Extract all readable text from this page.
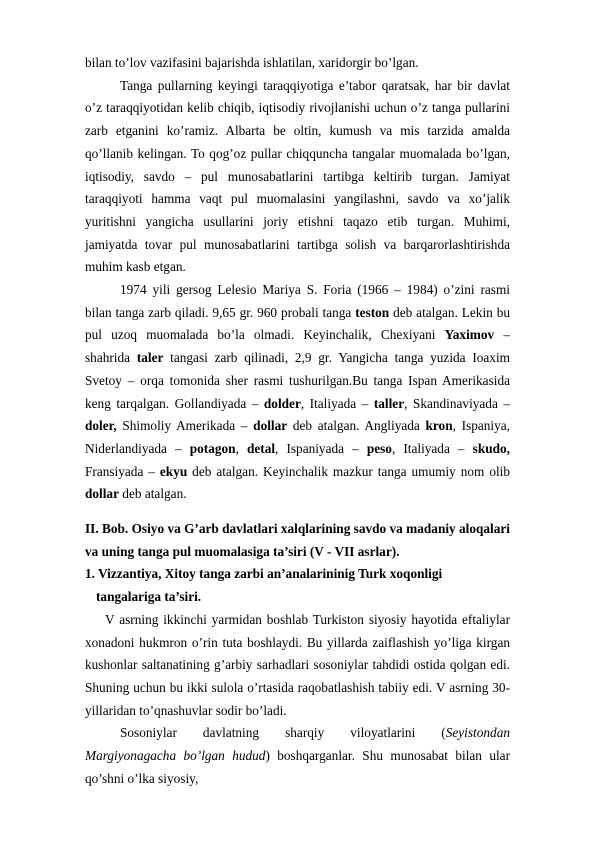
bilan to’lov vazifasini bajarishda ishlatilan, xaridorgir bo’lgan.

Tanga pullarning keyingi taraqqiyotiga e’tabor qaratsak, har bir davlat o’z taraqqiyotidan kelib chiqib, iqtisodiy rivojlanishi uchun o’z tanga pullarini zarb etganini ko’ramiz. Albarta be oltin, kumush va mis tarzida amalda qo’llanib kelingan. To qog’oz pullar chiqquncha tangalar muomalada bo’lgan, iqtisodiy, savdo – pul munosabatlarini tartibga keltirib turgan. Jamiyat taraqqiyoti hamma vaqt pul muomalasini yangilashni, savdo va xo’jalik yuritishni yangicha usullarini joriy etishni taqazo etib turgan. Muhimi, jamiyatda tovar pul munosabatlarini tartibga solish va barqarorlashtirishda muhim kasb etgan.

1974 yili gersog Lelesio Mariya S. Foria (1966 – 1984) o’zini rasmi bilan tanga zarb qiladi. 9,65 gr. 960 probali tanga teston deb atalgan. Lekin bu pul uzoq muomalada bo’la olmadi. Keyinchalik, Chexiyani Yaximov – shahrida taler tangasi zarb qilinadi, 2,9 gr. Yangicha tanga yuzida Ioaxim Svetoy – orqa tomonida sher rasmi tushurilgan.Bu tanga Ispan Amerikasida keng tarqalgan. Gollandiyada – dolder, Italiyada – taller, Skandinaviyada – doler, Shimoliy Amerikada – dollar deb atalgan. Angliyada kron, Ispaniya, Niderlandiyada – potagon, detal, Ispaniyada – peso, Italiyada – skudo, Fransiyada – ekyu deb atalgan. Keyinchalik mazkur tanga umumiy nom olib dollar deb atalgan.

II. Bob. Osiyo va G’arb davlatlari xalqlarining savdo va madaniy aloqalari va uning tanga pul muomalasiga ta’siri (V - VII asrlar).

1. Vizzantiya, Xitoy tanga zarbi an’analarininig Turk xoqonligi

tangalariga ta’siri.

V asrning ikkinchi yarmidan boshlab Turkiston siyosiy hayotida eftaliylar xonadoni hukmron o’rin tuta boshlaydi. Bu yillarda zaiflashish yo’liga kirgan kushonlar saltanatining g’arbiy sarhadlari sosoniylar tahdidi ostida qolgan edi. Shuning uchun bu ikki sulola o’rtasida raqobatlashish tabiiy edi. V asrning 30-yillaridan to’qnashuvlar sodir bo’ladi.

Sosoniylar davlatning sharqiy viloyatlarini (Seyistondan Margiyonagacha bo’lgan hudud) boshqarganlar. Shu munosabat bilan ular qo’shni o’lka siyosiy,
